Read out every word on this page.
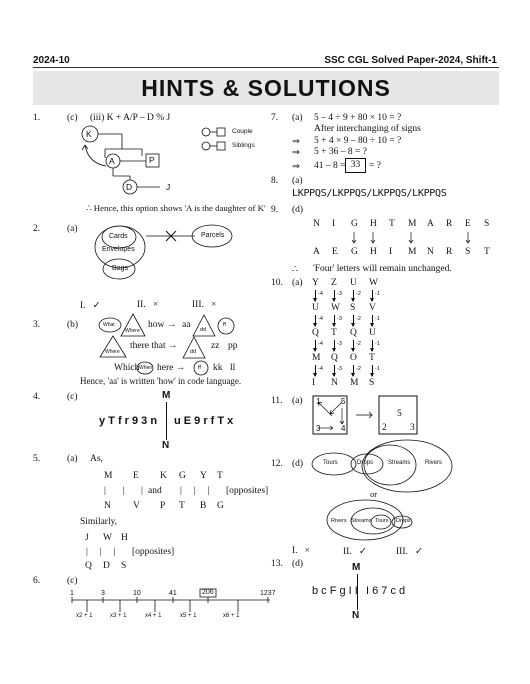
2024-10	SSC CGL Solved Paper-2024, Shift-1
HINTS & SOLUTIONS
1.	(c) (iii) K + A/P – D % J
K
A	P
D	J
Couple
Siblings
∴ Hence, this option shows 'A is the daughter of K'
2.	(a)
Cards
Envelopes
Bags
Parcels
I. ✓	II. ×	III. ×
3.	(b)	What
Where
how → aa dd
ff
Where
there that →
dd
zz pp
Which When here → ff kk ll
Hence, 'aa' is written 'how' in code language.
4.	(c)	M
N
y T f r 9 3 n u E 9 r f T x
5.	(a) As,
M E K G Y T
|       |       | and |     |     | [opposites]
N V P T B G
Similarly,
J W H
|     |     | [opposites]
Q D S
6.	(c)
1	3	10	41	206	1237
x2 + 1	x3 + 1	x4 + 1	x5 + 1	x6 + 1
7. (a) 5 – 4 ÷ 9 + 80 × 10 = ?
After interchanging of signs
⇒ 5 + 4 × 9 – 80 ÷ 10 = ?
⇒ 5 + 36 – 8 = ?
⇒ 41 – 8 = 33 = ?
8. (a)
LKPPQS/LKPPQS/LKPPQS/LKPPQS
9. (d)
N I G H T M A R E S
A E G H I M N R S T
∴ 'Four' letters will remain unchanged.
10. (a) Y Z U W
U W S V
Q T Q U
M Q O T
I N M S
-4	-3	-2	-1
-4	-3	-2	-1
-4	-3	-2	-1
-4	-3	-2	-1
11. (a) 1	5
3	4
5
2 3
12. (d)	Tours	Drops Streams Rivers
or
Rivers Streams Tours Drops
I. ×	II. ✓	III. ✓
13. (d)	M
N
b c F g I I I 6 7 c d
